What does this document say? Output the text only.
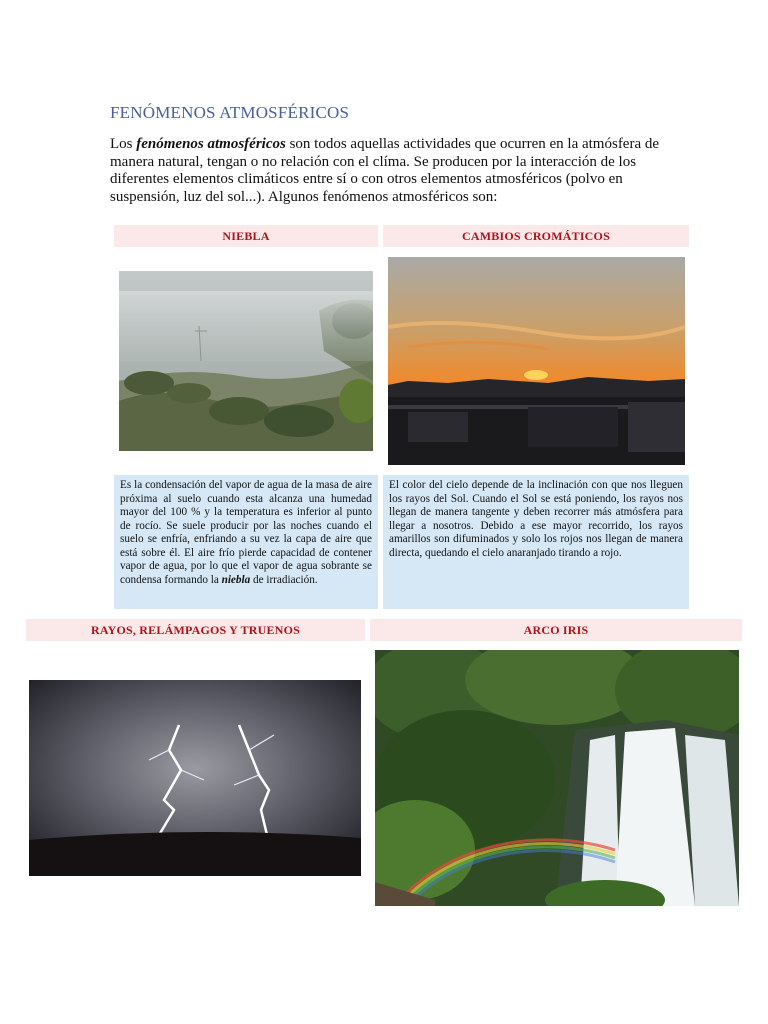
FENÓMENOS ATMOSFÉRICOS
Los fenómenos atmosféricos son todos aquellas actividades que ocurren en la atmósfera de manera natural, tengan o no relación con el clíma. Se producen por la interacción de los diferentes elementos climáticos entre sí o con otros elementos atmosféricos (polvo en suspensión, luz del sol...). Algunos fenómenos atmosféricos son:
NIEBLA
Es la condensación del vapor de agua de la masa de aire próxima al suelo cuando esta alcanza una humedad mayor del 100 % y la temperatura es inferior al punto de rocío. Se suele producir por las noches cuando el suelo se enfría, enfriando a su vez la capa de aire que está sobre él. El aire frío pierde capacidad de contener vapor de agua, por lo que el vapor de agua sobrante se condensa formando la niebla de irradiación.
CAMBIOS CROMÁTICOS
El color del cielo depende de la inclinación con que nos lleguen los rayos del Sol. Cuando el Sol se está poniendo, los rayos nos llegan de manera tangente y deben recorrer más atmósfera para llegar a nosotros. Debido a ese mayor recorrido, los rayos amarillos son difuminados y solo los rojos nos llegan de manera directa, quedando el cielo anaranjado tirando a rojo.
RAYOS, RELÁMPAGOS Y TRUENOS	ARCO IRIS
